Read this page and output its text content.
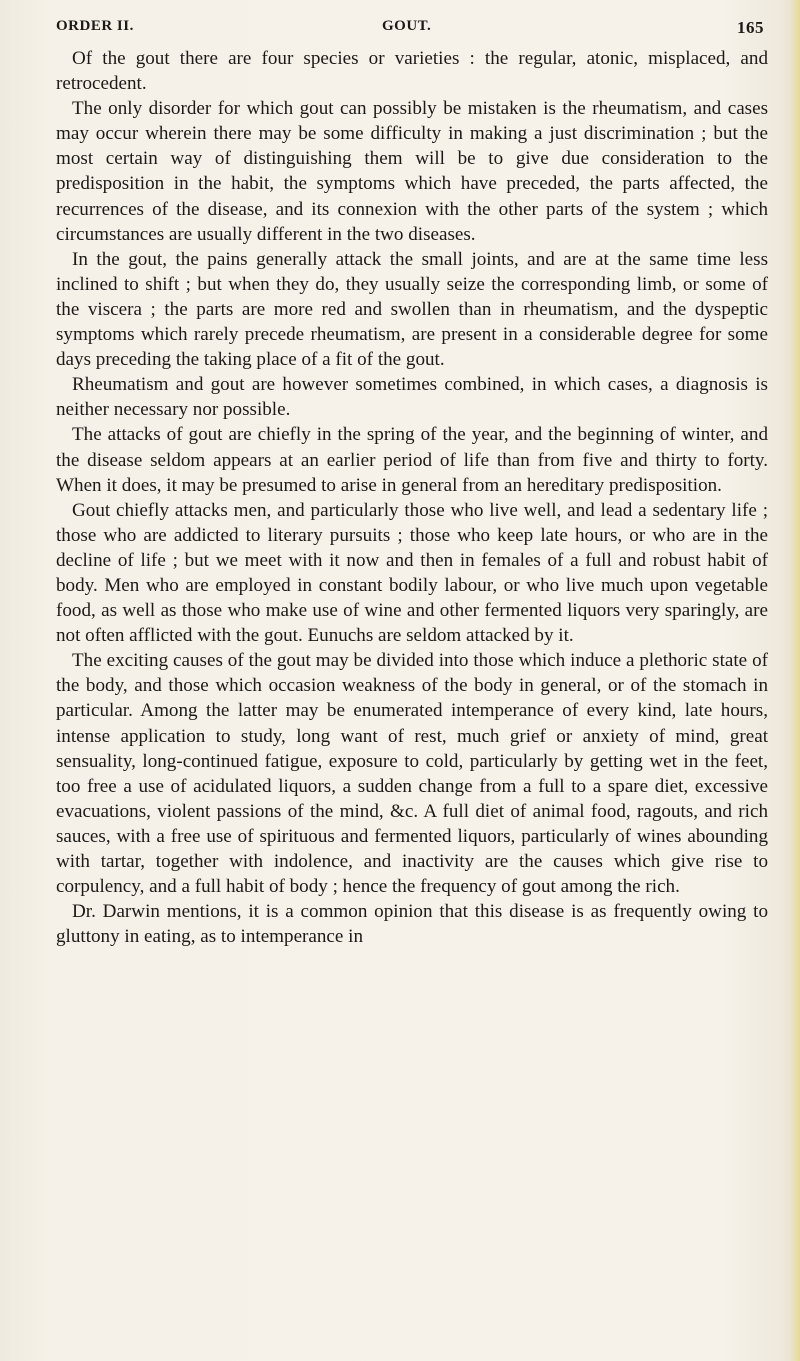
ORDER II.	GOUT.	165

Of the gout there are four species or varieties : the regular, atonic, misplaced, and retrocedent.

The only disorder for which gout can possibly be mistaken is the rheumatism, and cases may occur wherein there may be some difficulty in making a just discrimination ; but the most certain way of distinguishing them will be to give due consideration to the predisposition in the habit, the symptoms which have preceded, the parts affected, the recurrences of the disease, and its connexion with the other parts of the system ; which circumstances are usually different in the two diseases.

In the gout, the pains generally attack the small joints, and are at the same time less inclined to shift ; but when they do, they usually seize the corresponding limb, or some of the viscera ; the parts are more red and swollen than in rheumatism, and the dyspeptic symptoms which rarely precede rheumatism, are present in a considerable degree for some days preceding the taking place of a fit of the gout.

Rheumatism and gout are however sometimes combined, in which cases, a diagnosis is neither necessary nor possible.

The attacks of gout are chiefly in the spring of the year, and the beginning of winter, and the disease seldom appears at an earlier period of life than from five and thirty to forty. When it does, it may be presumed to arise in general from an hereditary predisposition.

Gout chiefly attacks men, and particularly those who live well, and lead a sedentary life ; those who are addicted to literary pursuits ; those who keep late hours, or who are in the decline of life ; but we meet with it now and then in females of a full and robust habit of body. Men who are employed in constant bodily labour, or who live much upon vegetable food, as well as those who make use of wine and other fermented liquors very sparingly, are not often afflicted with the gout. Eunuchs are seldom attacked by it.

The exciting causes of the gout may be divided into those which induce a plethoric state of the body, and those which occasion weakness of the body in general, or of the stomach in particular. Among the latter may be enumerated intemperance of every kind, late hours, intense application to study, long want of rest, much grief or anxiety of mind, great sensuality, long-continued fatigue, exposure to cold, particularly by getting wet in the feet, too free a use of acidulated liquors, a sudden change from a full to a spare diet, excessive evacuations, violent passions of the mind, &c. A full diet of animal food, ragouts, and rich sauces, with a free use of spirituous and fermented liquors, particularly of wines abounding with tartar, together with indolence, and inactivity are the causes which give rise to corpulency, and a full habit of body ; hence the frequency of gout among the rich.

Dr. Darwin mentions, it is a common opinion that this disease is as frequently owing to gluttony in eating, as to intemperance in
